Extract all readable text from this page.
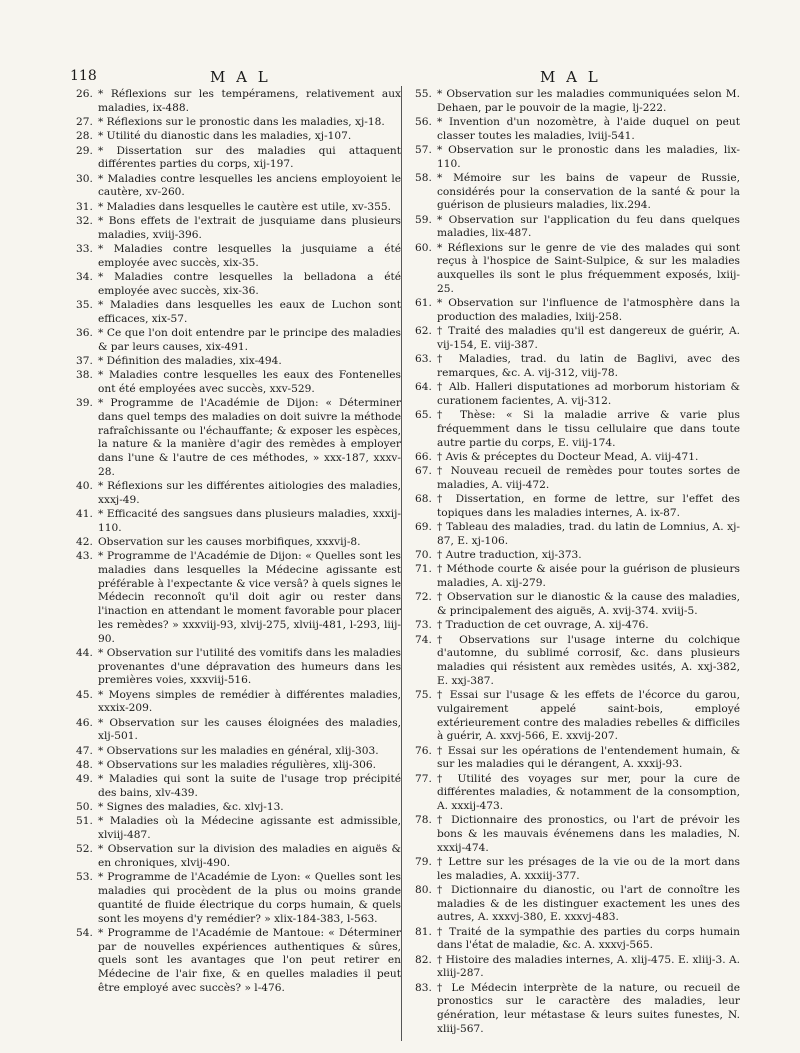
118	M A L	M A L
26. * Réflexions sur les tempéramens, relativement aux maladies, ix-488.
27. * Réflexions sur le pronostic dans les maladies, xj-18.
28. * Utilité du dianostic dans les maladies, xj-107.
29. * Dissertation sur des maladies qui attaquent différentes parties du corps, xij-197.
30. * Maladies contre lesquelles les anciens employoient le cautère, xv-260.
31. * Maladies dans lesquelles le cautère est utile, xv-355.
32. * Bons effets de l'extrait de jusquiame dans plusieurs maladies, xviij-396.
33. * Maladies contre lesquelles la jusquiame a été employée avec succès, xix-35.
34. * Maladies contre lesquelles la belladona a été employée avec succès, xix-36.
35. * Maladies dans lesquelles les eaux de Luchon sont efficaces, xix-57.
36. * Ce que l'on doit entendre par le principe des maladies & par leurs causes, xix-491.
37. * Définition des maladies, xix-494.
38. * Maladies contre lesquelles les eaux des Fontenelles ont été employées avec succès, xxv-529.
39. * Programme de l'Académie de Dijon: « Déterminer dans quel temps des maladies on doit suivre la méthode rafraîchissante ou l'échauffante; & exposer les espèces, la nature & la manière d'agir des remèdes à employer dans l'une & l'autre de ces méthodes, » xxx-187, xxxv-28.
40. * Réflexions sur les différentes aitiologies des maladies, xxxj-49.
41. * Efficacité des sangsues dans plusieurs maladies, xxxij-110.
42. Observation sur les causes morbifiques, xxxvij-8.
43. * Programme de l'Académie de Dijon: « Quelles sont les maladies dans lesquelles la Médecine agissante est préférable à l'expectante & vice versâ? à quels signes le Médecin reconnoît qu'il doit agir ou rester dans l'inaction en attendant le moment favorable pour placer les remèdes? » xxxviij-93, xlvij-275, xlviij-481, l-293, liij-90.
44. * Observation sur l'utilité des vomitifs dans les maladies provenantes d'une dépravation des humeurs dans les premières voies, xxxviij-516.
45. * Moyens simples de remédier à différentes maladies, xxxix-209.
46. * Observation sur les causes éloignées des maladies, xlj-501.
47. * Observations sur les maladies en général, xlij-303.
48. * Observations sur les maladies régulières, xlij-306.
49. * Maladies qui sont la suite de l'usage trop précipité des bains, xlv-439.
50. * Signes des maladies, &c. xlvj-13.
51. * Maladies où la Médecine agissante est admissible, xlviij-487.
52. * Observation sur la division des maladies en aiguës & en chroniques, xlvij-490.
53. * Programme de l'Académie de Lyon: « Quelles sont les maladies qui procèdent de la plus ou moins grande quantité de fluide électrique du corps humain, & quels sont les moyens d'y remédier? » xlix-184-383, l-563.
54. * Programme de l'Académie de Mantoue: « Déterminer par de nouvelles expériences authentiques & sûres, quels sont les avantages que l'on peut retirer en Médecine de l'air fixe, & en quelles maladies il peut être employé avec succès? » l-476.
55. * Observation sur les maladies communiquées selon M. Dehaen, par le pouvoir de la magie, lj-222.
56. * Invention d'un nozomètre, à l'aide duquel on peut classer toutes les maladies, lviij-541.
57. * Observation sur le pronostic dans les maladies, lix-110.
58. * Mémoire sur les bains de vapeur de Russie, considérés pour la conservation de la santé & pour la guérison de plusieurs maladies, lix.294.
59. * Observation sur l'application du feu dans quelques maladies, lix-487.
60. * Réflexions sur le genre de vie des malades qui sont reçus à l'hospice de Saint-Sulpice, & sur les maladies auxquelles ils sont le plus fréquemment exposés, lxiij-25.
61. * Observation sur l'influence de l'atmosphère dans la production des maladies, lxiij-258.
62. † Traité des maladies qu'il est dangereux de guérir, A. vij-154, E. viij-387.
63. † Maladies, trad. du latin de Baglivi, avec des remarques, &c. A. vij-312, viij-78.
64. † Alb. Halleri disputationes ad morborum historiam & curationem facientes, A. vij-312.
65. † Thèse: « Si la maladie arrive & varie plus fréquemment dans le tissu cellulaire que dans toute autre partie du corps, E. viij-174.
66. † Avis & préceptes du Docteur Mead, A. viij-471.
67. † Nouveau recueil de remèdes pour toutes sortes de maladies, A. viij-472.
68. † Dissertation, en forme de lettre, sur l'effet des topiques dans les maladies internes, A. ix-87.
69. † Tableau des maladies, trad. du latin de Lomnius, A. xj-87, E. xj-106.
70. † Autre traduction, xij-373.
71. † Méthode courte & aisée pour la guérison de plusieurs maladies, A. xij-279.
72. † Observation sur le dianostic & la cause des maladies, & principalement des aiguës, A. xvij-374. xviij-5.
73. † Traduction de cet ouvrage, A. xij-476.
74. † Observations sur l'usage interne du colchique d'automne, du sublimé corrosif, &c. dans plusieurs maladies qui résistent aux remèdes usités, A. xxj-382, E. xxj-387.
75. † Essai sur l'usage & les effets de l'écorce du garou, vulgairement appelé saint-bois, employé extérieurement contre des maladies rebelles & difficiles à guérir, A. xxvj-566, E. xxvij-207.
76. † Essai sur les opérations de l'entendement humain, & sur les maladies qui le dérangent, A. xxxij-93.
77. † Utilité des voyages sur mer, pour la cure de différentes maladies, & notamment de la consomption, A. xxxij-473.
78. † Dictionnaire des pronostics, ou l'art de prévoir les bons & les mauvais événemens dans les maladies, N. xxxij-474.
79. † Lettre sur les présages de la vie ou de la mort dans les maladies, A. xxxiij-377.
80. † Dictionnaire du dianostic, ou l'art de connoître les maladies & de les distinguer exactement les unes des autres, A. xxxvj-380, E. xxxvj-483.
81. † Traité de la sympathie des parties du corps humain dans l'état de maladie, &c. A. xxxvj-565.
82. † Histoire des maladies internes, A. xlij-475. E. xliij-3. A. xliij-287.
83. † Le Médecin interprète de la nature, ou recueil de pronostics sur le caractère des maladies, leur génération, leur métastase & leurs suites funestes, N. xliij-567.
